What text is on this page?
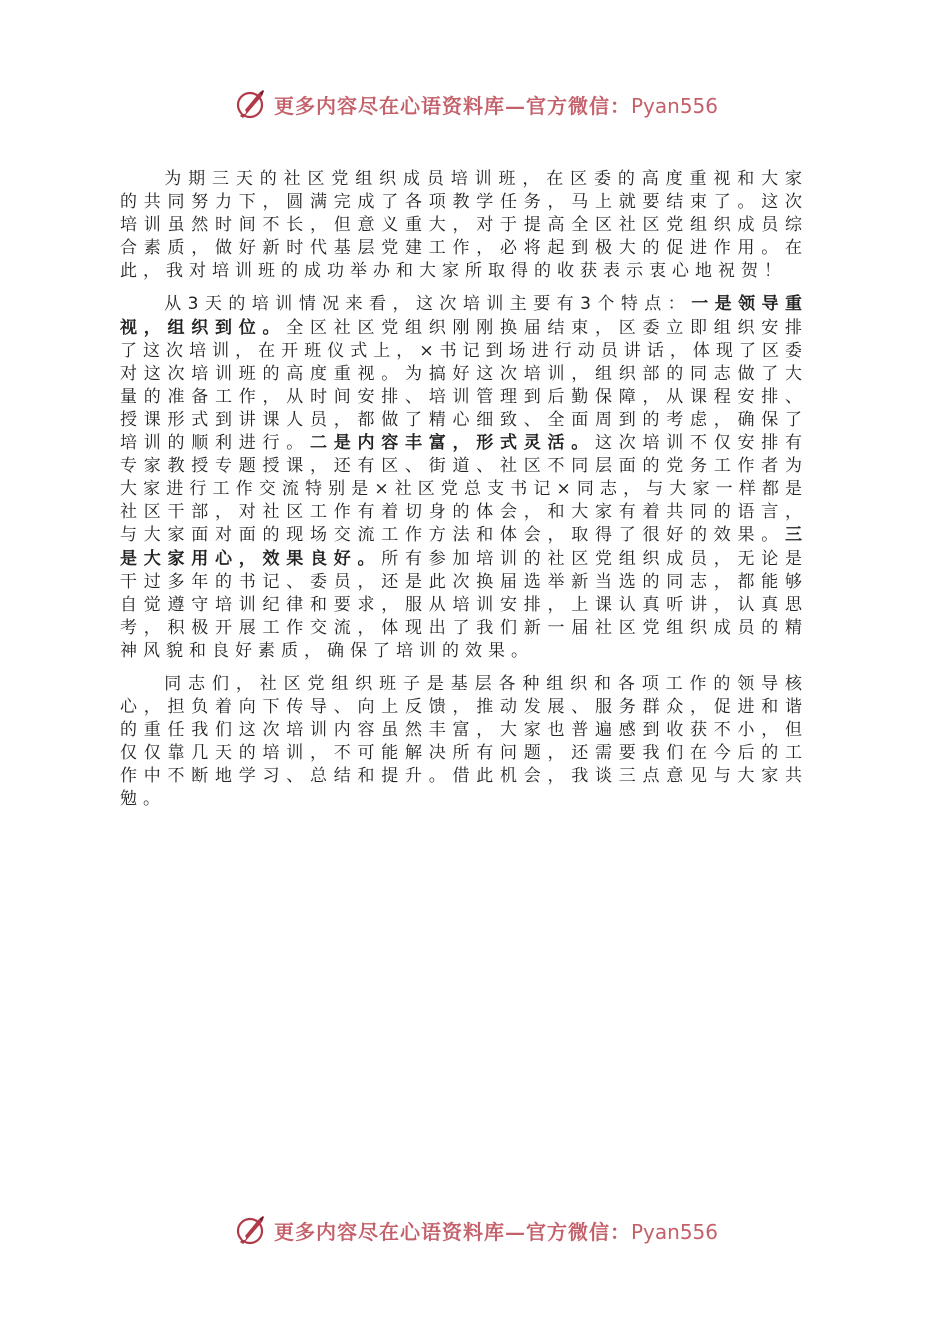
更多内容尽在心语资料库—官方微信：Pyan556

为期三天的社区党组织成员培训班，在区委的高度重视和大家的共同努力下，圆满完成了各项教学任务，马上就要结束了。这次培训虽然时间不长，但意义重大，对于提高全区社区党组织成员综合素质，做好新时代基层党建工作，必将起到极大的促进作用。在此，我对培训班的成功举办和大家所取得的收获表示衷心地祝贺！

从3天的培训情况来看，这次培训主要有3个特点：一是领导重视，组织到位。全区社区党组织刚刚换届结束，区委立即组织安排了这次培训，在开班仪式上，×书记到场进行动员讲话，体现了区委对这次培训班的高度重视。为搞好这次培训，组织部的同志做了大量的准备工作，从时间安排、培训管理到后勤保障，从课程安排、授课形式到讲课人员，都做了精心细致、全面周到的考虑，确保了培训的顺利进行。二是内容丰富，形式灵活。这次培训不仅安排有专家教授专题授课，还有区、街道、社区不同层面的党务工作者为大家进行工作交流特别是×社区党总支书记×同志，与大家一样都是社区干部，对社区工作有着切身的体会，和大家有着共同的语言，与大家面对面的现场交流工作方法和体会，取得了很好的效果。三是大家用心，效果良好。所有参加培训的社区党组织成员，无论是干过多年的书记、委员，还是此次换届选举新当选的同志，都能够自觉遵守培训纪律和要求，服从培训安排，上课认真听讲，认真思考，积极开展工作交流，体现出了我们新一届社区党组织成员的精神风貌和良好素质，确保了培训的效果。

同志们，社区党组织班子是基层各种组织和各项工作的领导核心，担负着向下传导、向上反馈，推动发展、服务群众，促进和谐的重任我们这次培训内容虽然丰富，大家也普遍感到收获不小，但仅仅靠几天的培训，不可能解决所有问题，还需要我们在今后的工作中不断地学习、总结和提升。借此机会，我谈三点意见与大家共勉。

更多内容尽在心语资料库—官方微信：Pyan556
